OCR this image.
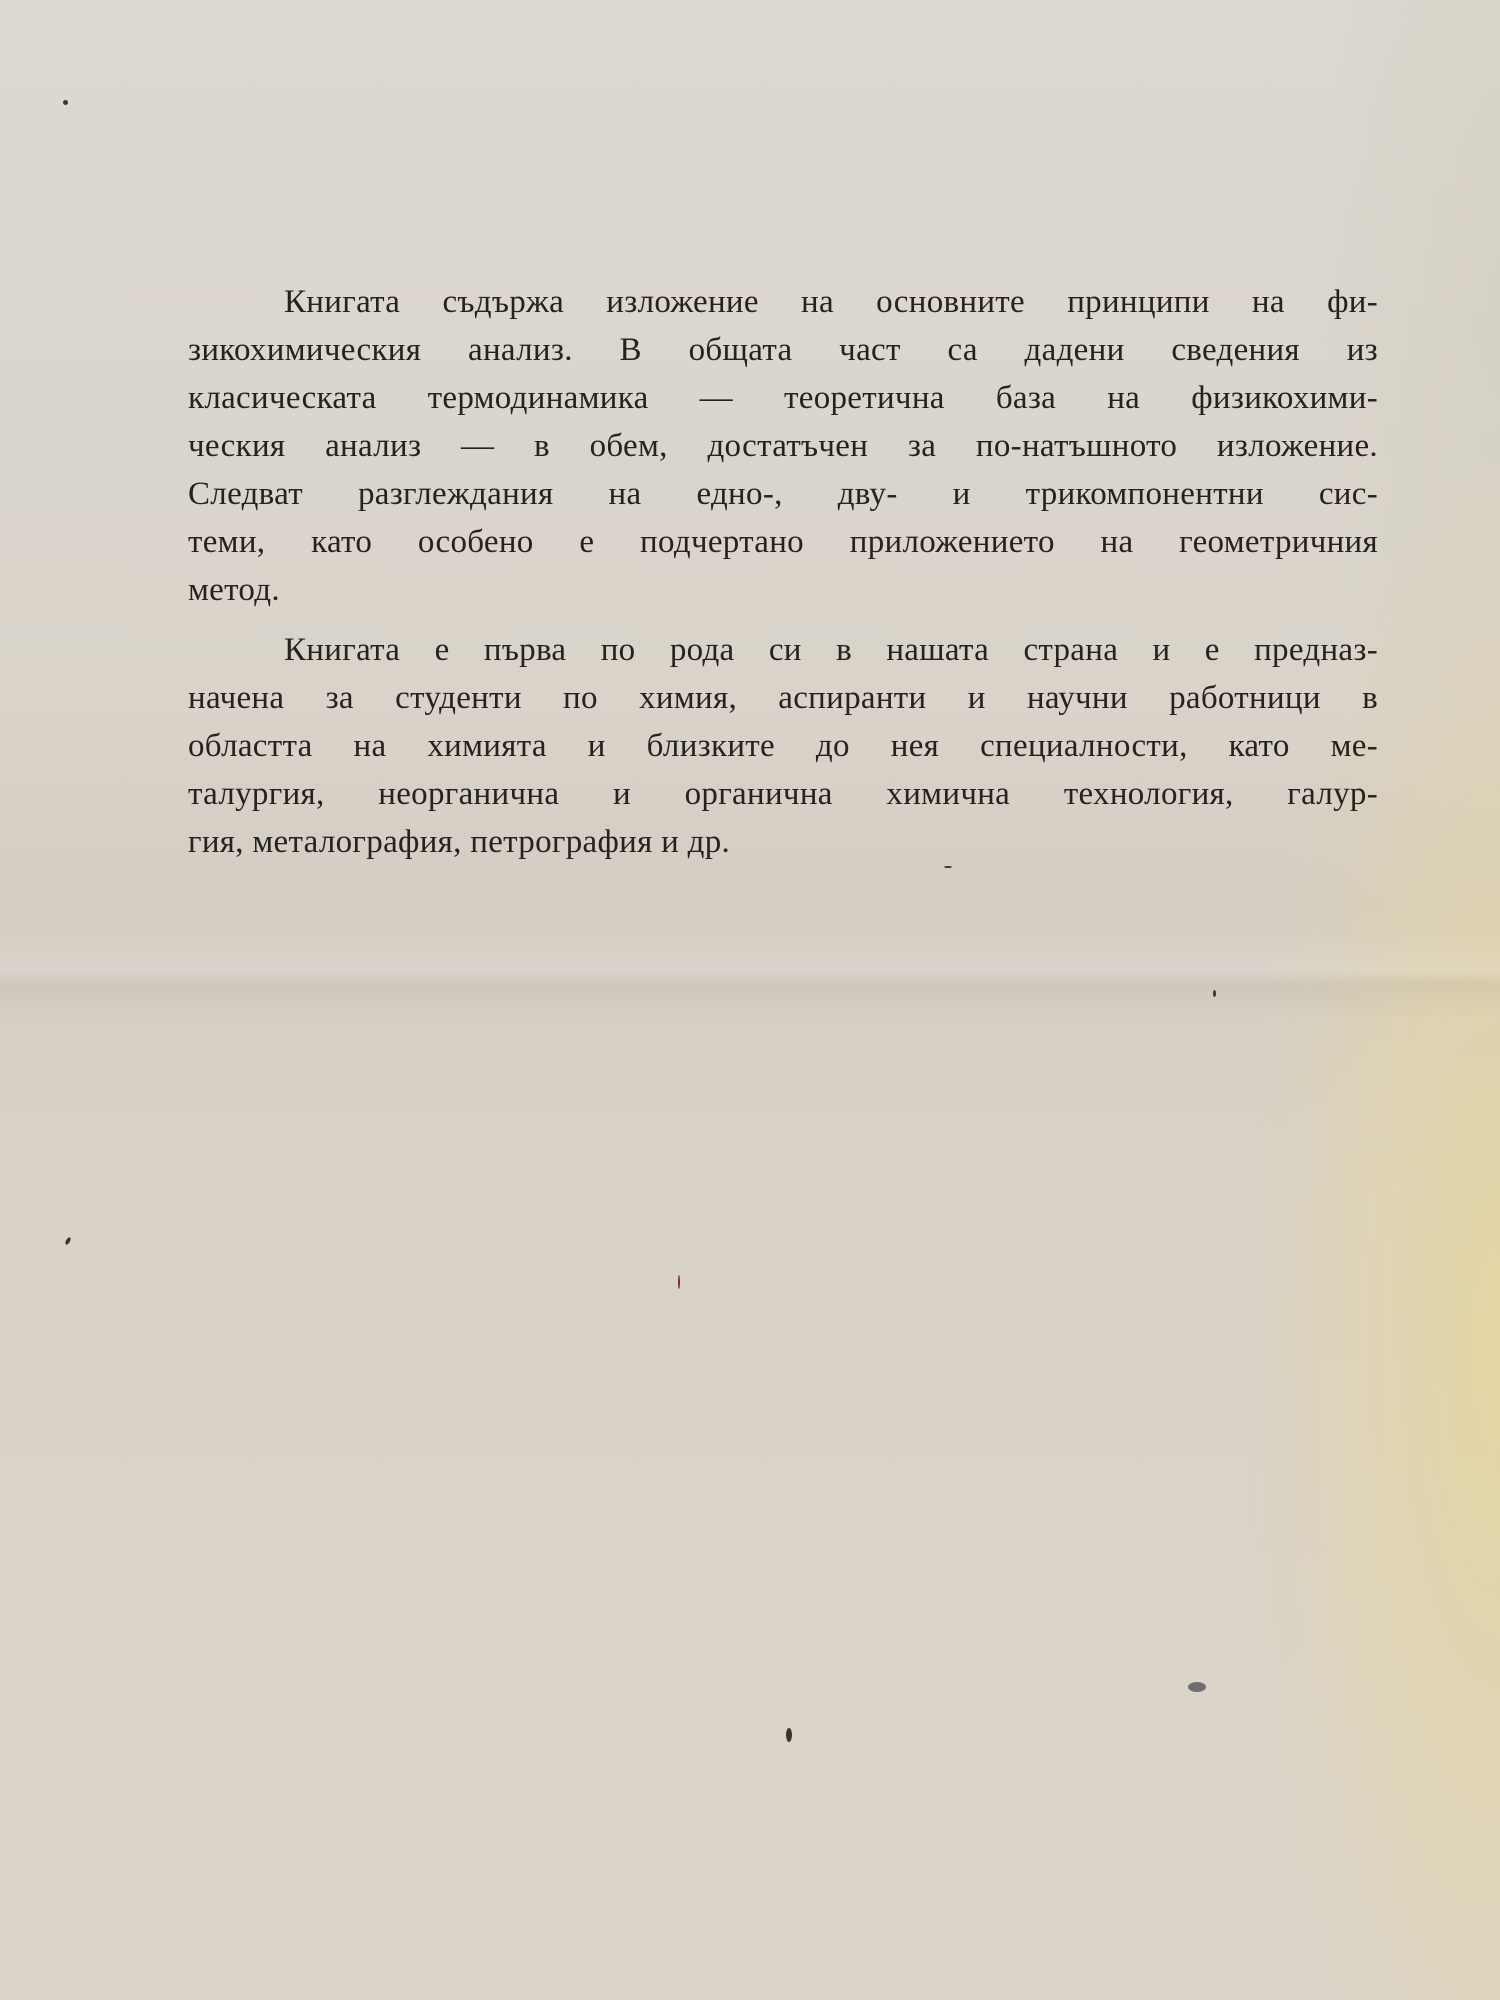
Книгата съдържа изложение на основните принципи на фи-
зикохимическия анализ. В общата част са дадени сведения из
класическата термодинамика — теоретична база на физикохими-
ческия анализ — в обем, достатъчен за по-натъшното изложение.
Следват разглеждания на едно-, дву- и трикомпонентни сис-
теми, като особено е подчертано приложението на геометричния
метод.
Книгата е първа по рода си в нашата страна и е предназ-
начена за студенти по химия, аспиранти и научни работници в
областта на химията и близките до нея специалности, като ме-
талургия, неорганична и органична химична технология, галур-
гия, металография, петрография и др.
